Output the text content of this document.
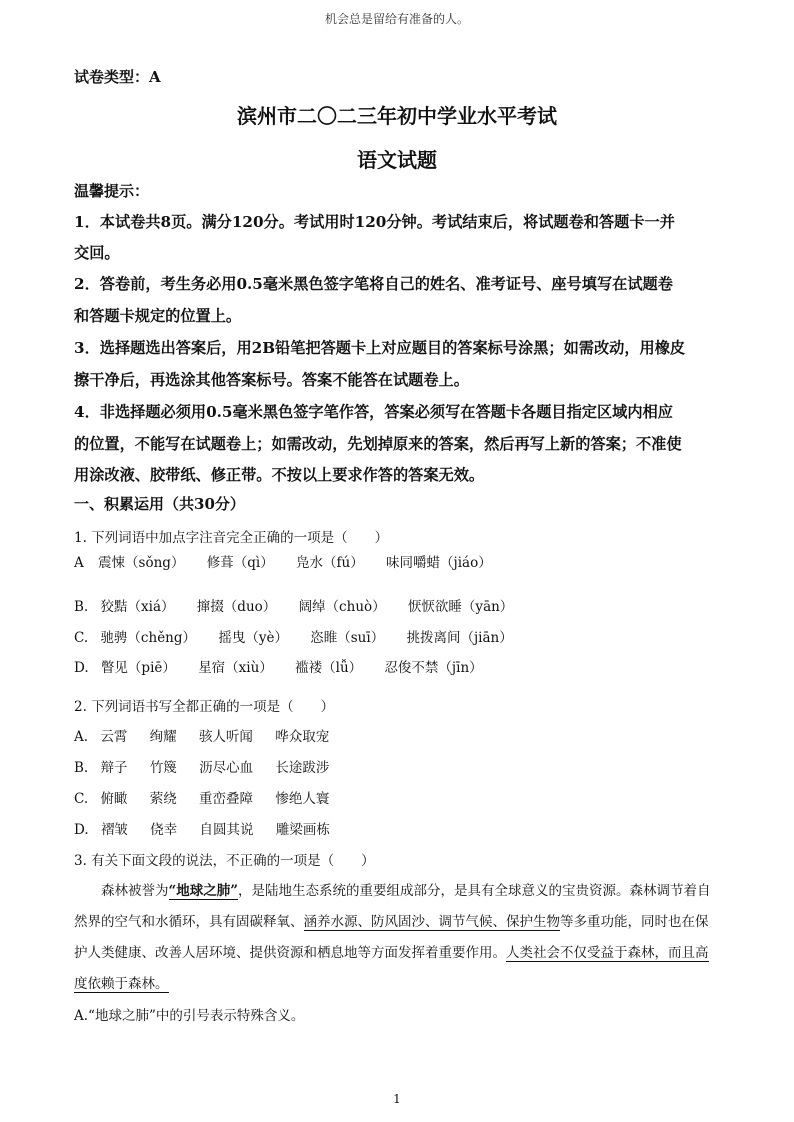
机会总是留给有准备的人。
试卷类型：A
滨州市二〇二三年初中学业水平考试
语文试题
温馨提示：
1．本试卷共8页。满分120分。考试用时120分钟。考试结束后，将试题卷和答题卡一并
交回。
2．答卷前，考生务必用0.5毫米黑色签字笔将自己的姓名、准考证号、座号填写在试题卷
和答题卡规定的位置上。
3．选择题选出答案后，用2B铅笔把答题卡上对应题目的答案标号涂黑；如需改动，用橡皮
擦干净后，再选涂其他答案标号。答案不能答在试题卷上。
4．非选择题必须用0.5毫米黑色签字笔作答，答案必须写在答题卡各题目指定区域内相应
的位置，不能写在试题卷上；如需改动，先划掉原来的答案，然后再写上新的答案；不准使
用涂改液、胶带纸、修正带。不按以上要求作答的答案无效。
一、积累运用（共30分）
1. 下列词语中加点字注音完全正确的一项是（　　）
A 震悚（sǒng） 修葺（qì） 凫水（fú） 味同嚼蜡（jiáo）
B. 狡黠（xiá） 撺掇（duo） 阔绰（chuò） 恹恹欲睡（yān）
C. 驰骋（chěng） 摇曳（yè） 恣睢（suī） 挑拨离间（jiān）
D. 瞥见（piē） 星宿（xiù） 褴褛（lǚ） 忍俊不禁（jīn）
2. 下列词语书写全都正确的一项是（　　）
A. 云霄 绚耀 骇人听闻 哗众取宠
B. 辩子 竹篾 沥尽心血 长途跋涉
C. 俯瞰 萦绕 重峦叠障 惨绝人寰
D. 褶皱 侥幸 自圆其说 雕梁画栋
3. 有关下面文段的说法，不正确的一项是（　　）
森林被誉为“地球之肺”，是陆地生态系统的重要组成部分，是具有全球意义的宝贵资源。森林调节着自然界的空气和水循环，具有固碳释氧、涵养水源、防风固沙、调节气候、保护生物等多重功能，同时也在保护人类健康、改善人居环境、提供资源和栖息地等方面发挥着重要作用。人类社会不仅受益于森林，而且高度依赖于森林。
A.“地球之肺”中的引号表示特殊含义。
1
